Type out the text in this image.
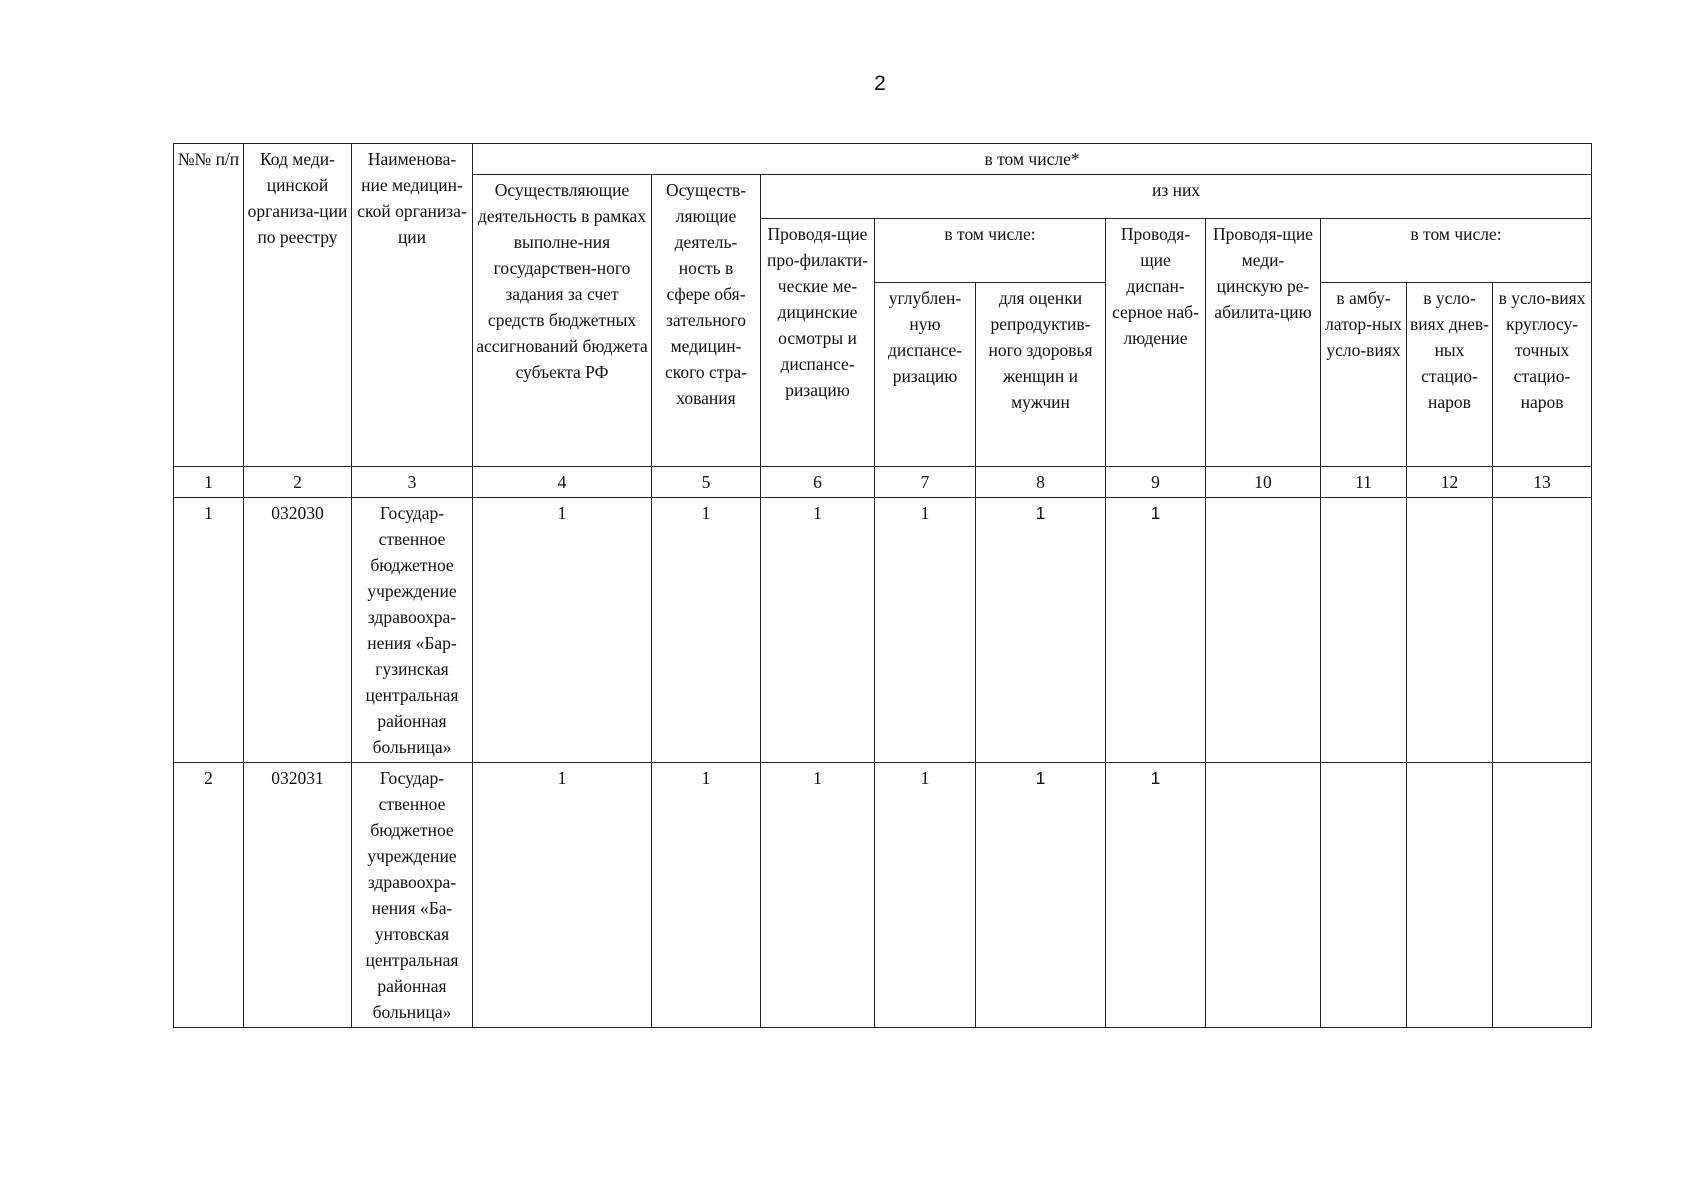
2
№№ п/п	Код меди-цинской организа-ции по реестру	Наименова-ние медицин-ской организа-ции	в том числе*									
			Осуществляющие деятельность в рамках выполне-ния государствен-ного задания за счет средств бюджетных ассигнований бюджета субъекта РФ	Осуществ-ляющие деятель-ность в сфере обя-зательного медицин-ского стра-хования	из них							
					Проводя-щие про-филакти-ческие ме-дицинские осмотры и диспансе-ризацию	в том числе:		Проводя-щие диспан-серное наб-людение	Проводя-щие меди-цинскую ре-абилита-цию	в том числе:		
						углублен-ную диспансе-ризацию	для оценки репродуктив-ного здоровья женщин и мужчин			в амбу-латор-ных усло-виях	в усло-виях днев-ных стацио-наров	в усло-виях круглосу-точных стацио-наров
1	2	3	4	5	6	7	8	9	10	11	12	13
1	032030	Государ-ственное бюджетное учреждение здравоохра-нения «Бар-гузинская центральная районная больница»	1	1	1	1	1	1				
2	032031	Государ-ственное бюджетное учреждение здравоохра-нения «Ба-унтовская центральная районная больница»	1	1	1	1	1	1				
